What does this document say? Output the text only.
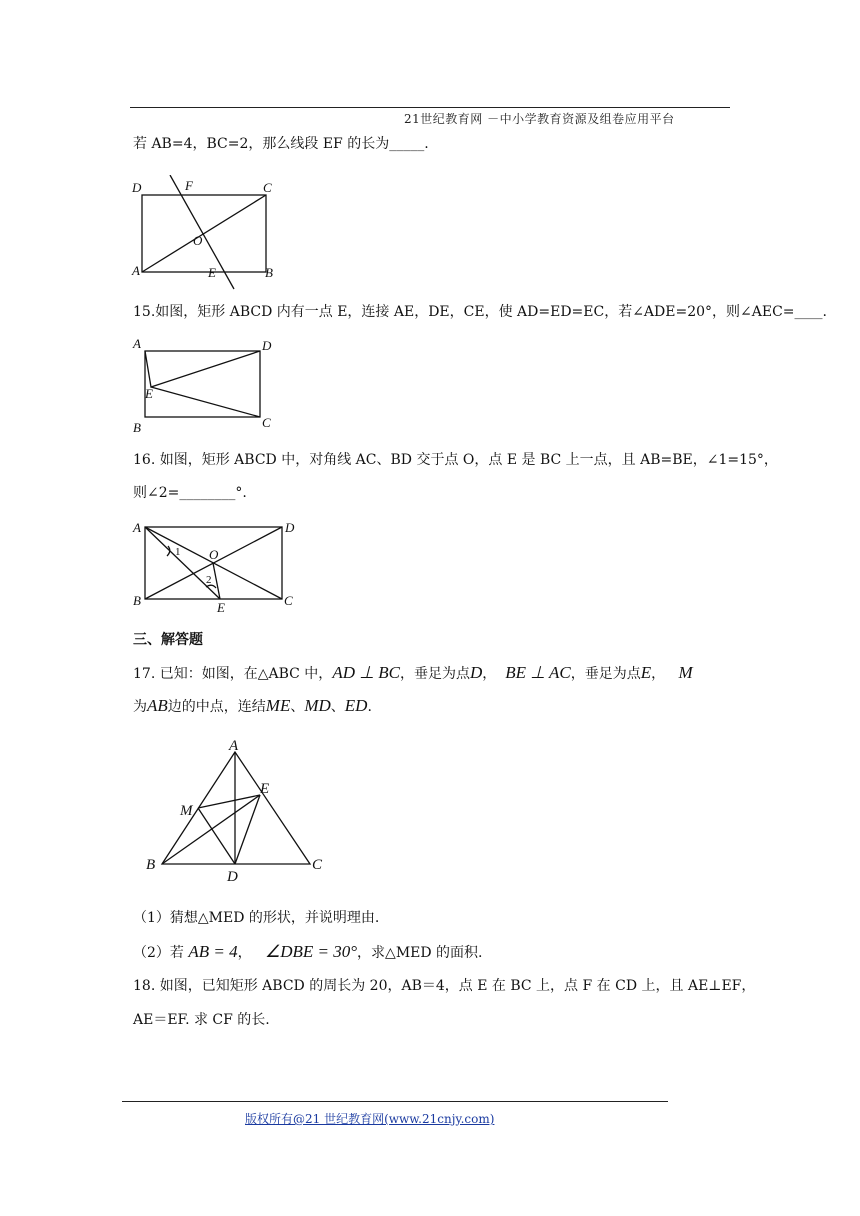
21世纪教育网 －中小学教育资源及组卷应用平台
若 AB=4，BC=2，那么线段 EF 的长为_____.
D	F	C
O
A	E	B
15.如图，矩形 ABCD 内有一点 E，连接 AE，DE，CE，使 AD=ED=EC，若∠ADE=20°，则∠AEC=____.
A	D
E
B	C
16. 如图，矩形 ABCD 中，对角线 AC、BD 交于点 O，点 E 是 BC 上一点，且 AB=BE，∠1=15°，
则∠2=________°.
A	D
O
1
2
B	E	C
三、解答题
17. 已知：如图，在△ABC 中，AD ⊥ BC，垂足为点D， BE ⊥ AC，垂足为点E， M
为AB边的中点，连结ME、MD、ED.
A
E
M
B
D
C
（1）猜想△MED 的形状，并说明理由.
（2）若 AB = 4， ∠DBE = 30°，求△MED 的面积.
18. 如图，已知矩形 ABCD 的周长为 20，AB＝4，点 E 在 BC 上，点 F 在 CD 上，且 AE⊥EF，
AE＝EF. 求 CF 的长.
版权所有@21 世纪教育网(www.21cnjy.com)
